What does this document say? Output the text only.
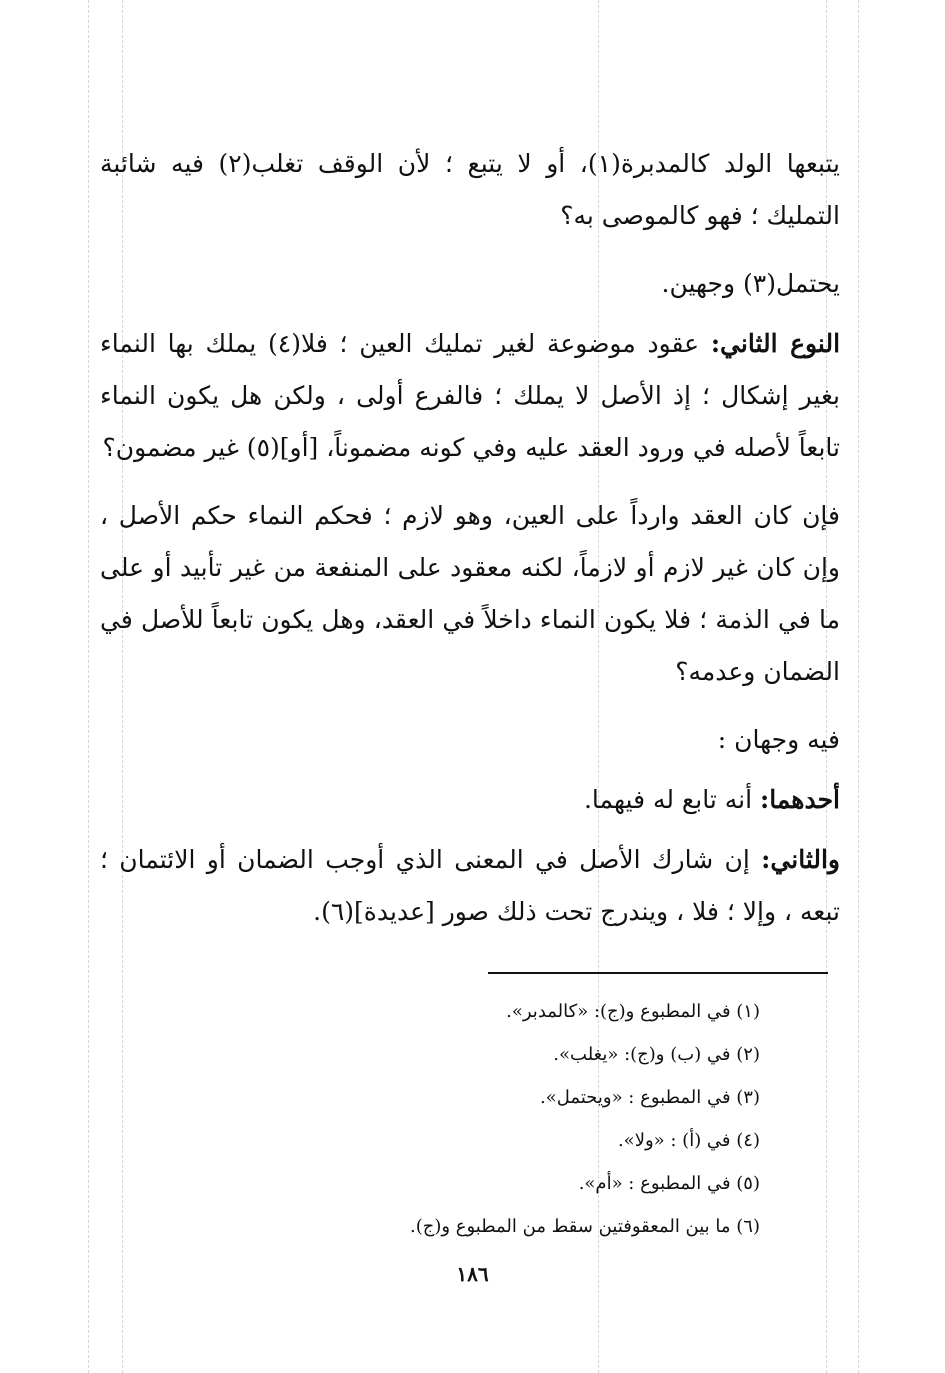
يتبعها الولد كالمدبرة(١)، أو لا يتبع ؛ لأن الوقف تغلب(٢) فيه شائبة التمليك ؛ فهو كالموصى به؟

يحتمل(٣) وجهين.

النوع الثاني: عقود موضوعة لغير تمليك العين ؛ فلا(٤) يملك بها النماء بغير إشكال ؛ إذ الأصل لا يملك ؛ فالفرع أولى ، ولكن هل يكون النماء تابعاً لأصله في ورود العقد عليه وفي كونه مضموناً، [أو](٥) غير مضمون؟

فإن كان العقد وارداً على العين، وهو لازم ؛ فحكم النماء حكم الأصل ، وإن كان غير لازم أو لازماً، لكنه معقود على المنفعة من غير تأبيد أو على ما في الذمة ؛ فلا يكون النماء داخلاً في العقد، وهل يكون تابعاً للأصل في الضمان وعدمه؟

فيه وجهان :

أحدهما: أنه تابع له فيهما.

والثاني: إن شارك الأصل في المعنى الذي أوجب الضمان أو الائتمان ؛ تبعه ، وإلا ؛ فلا ، ويندرج تحت ذلك صور [عديدة](٦).

(١) في المطبوع و(ج): «كالمدبر».

(٢) في (ب) و(ج): «يغلب».

(٣) في المطبوع : «ويحتمل».

(٤) في (أ) : «ولا».

(٥) في المطبوع : «أم».

(٦) ما بين المعقوفتين سقط من المطبوع و(ج).

١٨٦
